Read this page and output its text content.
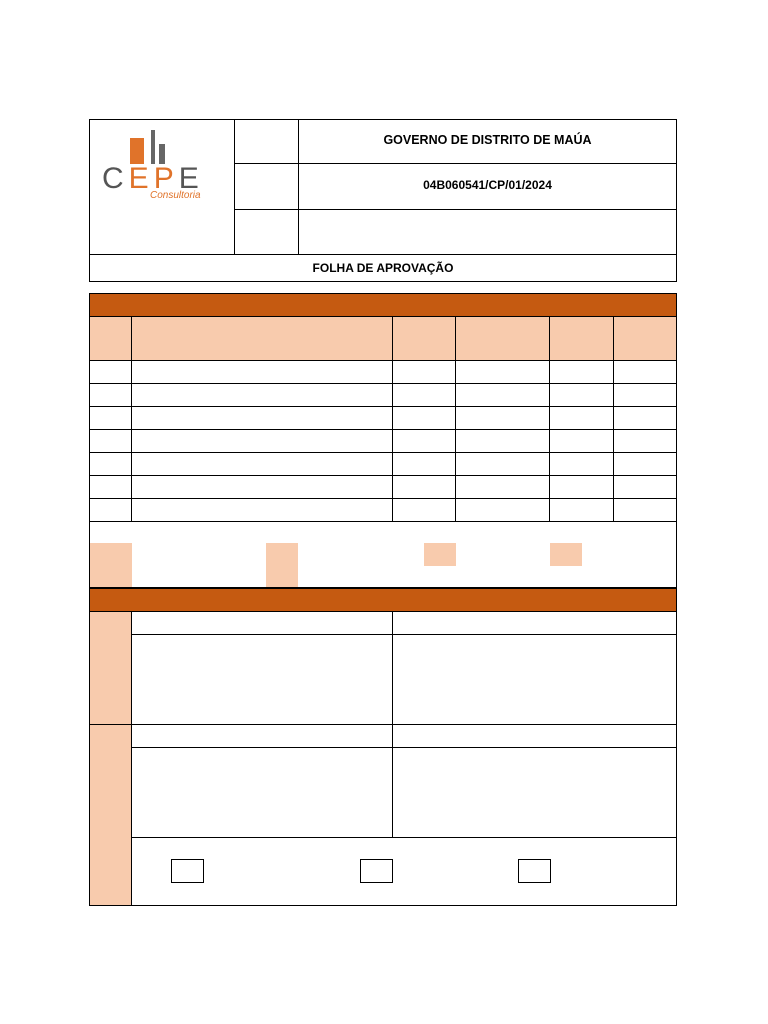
CEPE
Consultoria
GOVERNO DE DISTRITO DE MAÚA
04B060541/CP/01/2024
FOLHA DE APROVAÇÃO
